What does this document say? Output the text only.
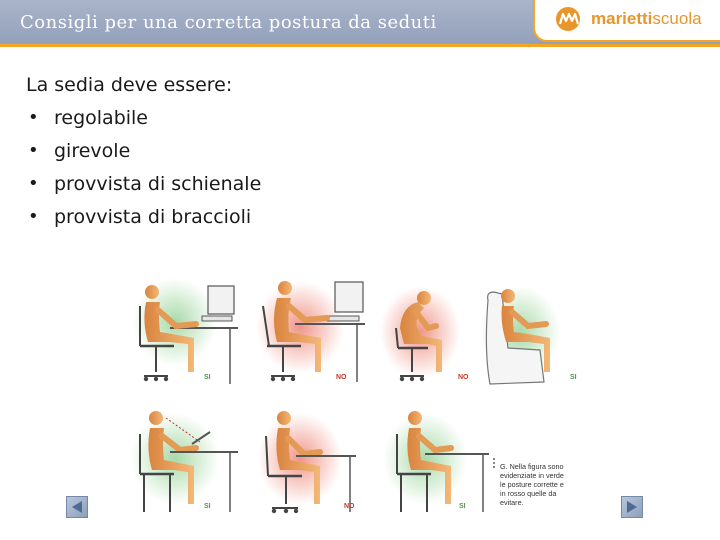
Consigli per una corretta postura da seduti	mariettiscuola
La sedia deve essere:
• regolabile
• girevole
• provvista di schienale
• provvista di braccioli
SI	NO	NO	SI
SI	NO	SI
G. Nella figura sono evidenziate in verde le posture corrette e in rosso quelle da evitare.
